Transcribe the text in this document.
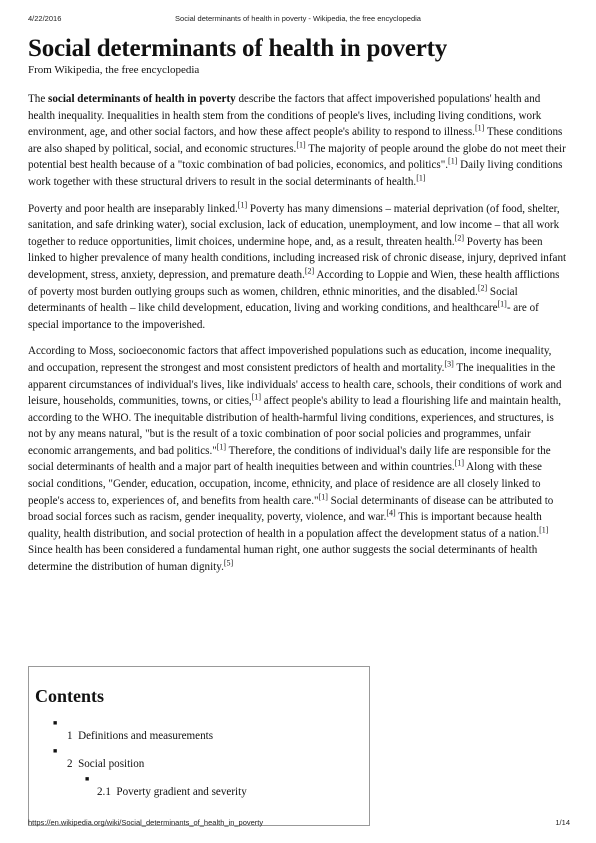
4/22/2016	Social determinants of health in poverty - Wikipedia, the free encyclopedia
Social determinants of health in poverty
From Wikipedia, the free encyclopedia

The social determinants of health in poverty describe the factors that affect impoverished populations' health and health inequality. Inequalities in health stem from the conditions of people's lives, including living conditions, work environment, age, and other social factors, and how these affect people's ability to respond to illness.[1] These conditions are also shaped by political, social, and economic structures.[1] The majority of people around the globe do not meet their potential best health because of a "toxic combination of bad policies, economics, and politics".[1] Daily living conditions work together with these structural drivers to result in the social determinants of health.[1]

Poverty and poor health are inseparably linked.[1] Poverty has many dimensions – material deprivation (of food, shelter, sanitation, and safe drinking water), social exclusion, lack of education, unemployment, and low income – that all work together to reduce opportunities, limit choices, undermine hope, and, as a result, threaten health.[2] Poverty has been linked to higher prevalence of many health conditions, including increased risk of chronic disease, injury, deprived infant development, stress, anxiety, depression, and premature death.[2] According to Loppie and Wien, these health afflictions of poverty most burden outlying groups such as women, children, ethnic minorities, and the disabled.[2] Social determinants of health – like child development, education, living and working conditions, and healthcare[1]- are of special importance to the impoverished.

According to Moss, socioeconomic factors that affect impoverished populations such as education, income inequality, and occupation, represent the strongest and most consistent predictors of health and mortality.[3] The inequalities in the apparent circumstances of individual's lives, like individuals' access to health care, schools, their conditions of work and leisure, households, communities, towns, or cities,[1] affect people's ability to lead a flourishing life and maintain health, according to the WHO. The inequitable distribution of health-harmful living conditions, experiences, and structures, is not by any means natural, "but is the result of a toxic combination of poor social policies and programmes, unfair economic arrangements, and bad politics."[1] Therefore, the conditions of individual's daily life are responsible for the social determinants of health and a major part of health inequities between and within countries.[1] Along with these social conditions, "Gender, education, occupation, income, ethnicity, and place of residence are all closely linked to people's access to, experiences of, and benefits from health care."[1] Social determinants of disease can be attributed to broad social forces such as racism, gender inequality, poverty, violence, and war.[4] This is important because health quality, health distribution, and social protection of health in a population affect the development status of a nation.[1] Since health has been considered a fundamental human right, one author suggests the social determinants of health determine the distribution of human dignity.[5]

Contents
■
1 Definitions and measurements
■
2 Social position
■
2.1 Poverty gradient and severity
https://en.wikipedia.org/wiki/Social_determinants_of_health_in_poverty	1/14
